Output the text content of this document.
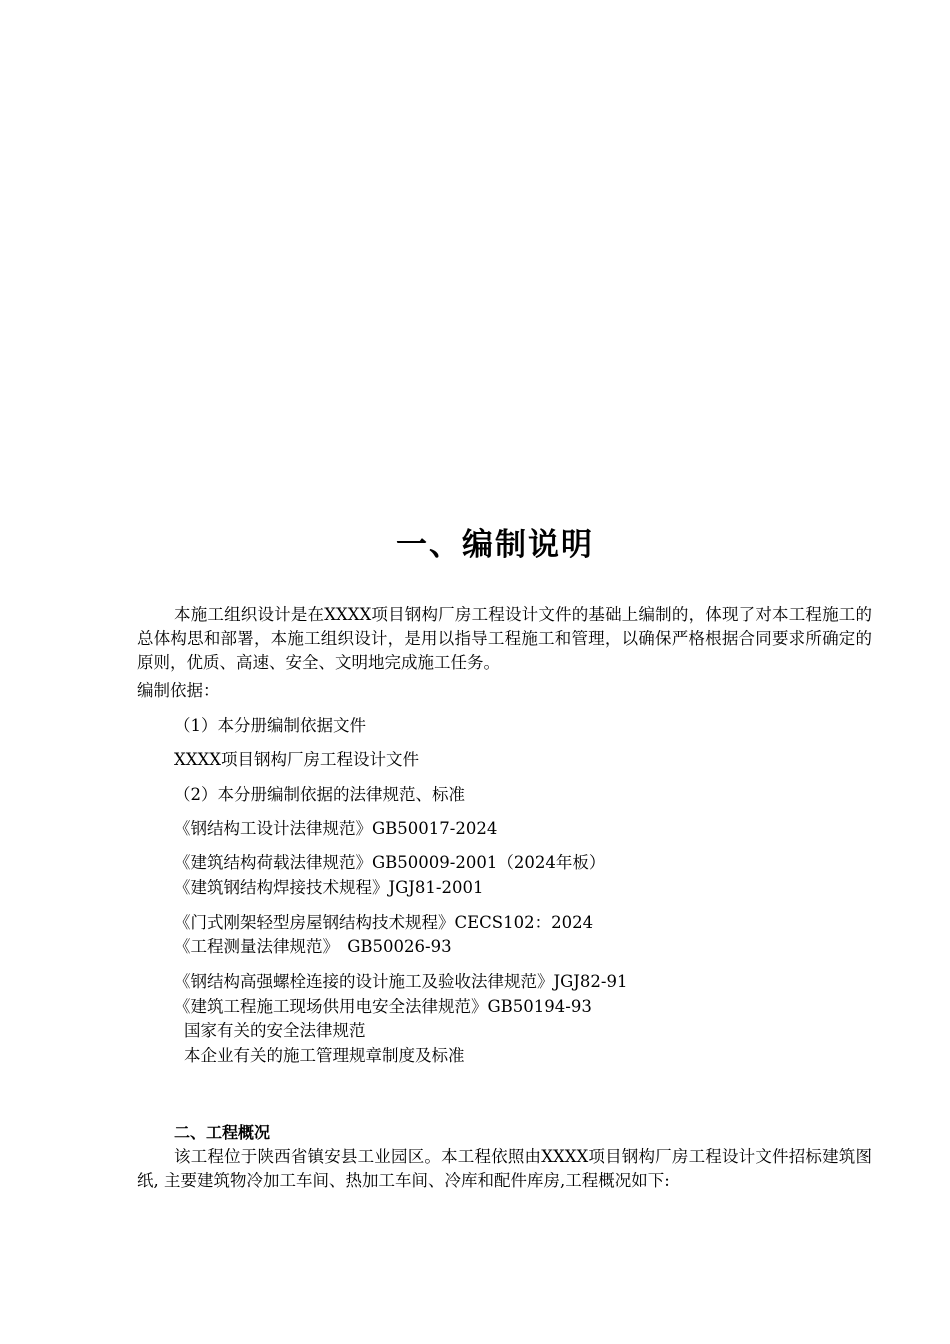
一、编制说明

本施工组织设计是在XXXX项目钢构厂房工程设计文件的基础上编制的，体现了对本工程施工的总体构思和部署，本施工组织设计，是用以指导工程施工和管理，以确保严格根据合同要求所确定的原则，优质、高速、安全、文明地完成施工任务。

编制依据：

（1）本分册编制依据文件

XXXX项目钢构厂房工程设计文件

（2）本分册编制依据的法律规范、标准

《钢结构工设计法律规范》GB50017-2024

《建筑结构荷载法律规范》GB50009-2001（2024年板）

《建筑钢结构焊接技术规程》JGJ81-2001

《门式刚架轻型房屋钢结构技术规程》CECS102：2024

《工程测量法律规范》　GB50026-93

《钢结构高强螺栓连接的设计施工及验收法律规范》JGJ82-91

《建筑工程施工现场供用电安全法律规范》GB50194-93

国家有关的安全法律规范

本企业有关的施工管理规章制度及标准

二、工程概况

该工程位于陕西省镇安县工业园区。本工程依照由XXXX项目钢构厂房工程设计文件招标建筑图纸, 主要建筑物冷加工车间、热加工车间、冷库和配件库房,工程概况如下:
